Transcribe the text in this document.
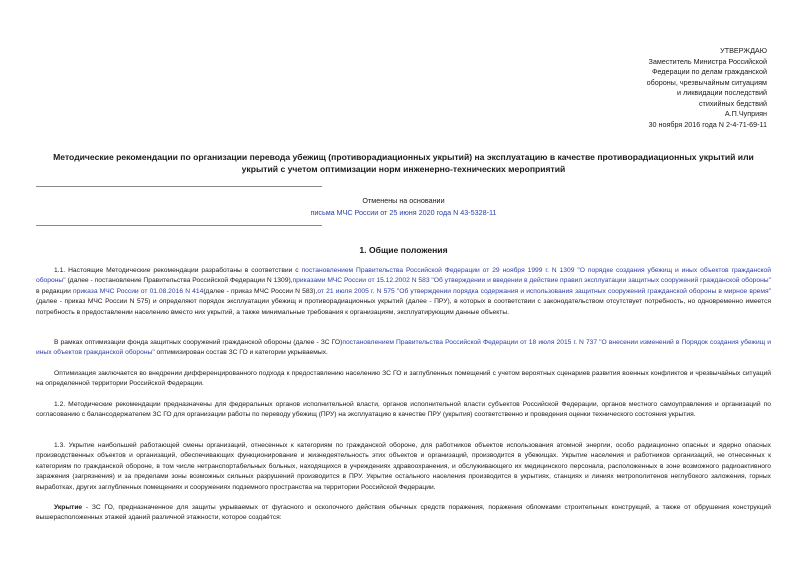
УТВЕРЖДАЮ
Заместитель Министра Российской
Федерации по делам гражданской
обороны, чрезвычайным ситуациям
и ликвидации последствий
стихийных бедствий
А.П.Чуприян
30 ноября 2016 года N 2-4-71-69-11
Методические рекомендации по организации перевода убежищ (противорадиационных укрытий) на эксплуатацию в качестве противорадиационных укрытий или укрытий с учетом оптимизации норм инженерно-технических мероприятий
Отменены на основании
письма МЧС России от 25 июня 2020 года N 43-5328-11
1. Общие положения
1.1. Настоящие Методические рекомендации разработаны в соответствии с постановлением Правительства Российской Федерации от 29 ноября 1999 г. N 1309 "О порядке создания убежищ и иных объектов гражданской обороны" (далее - постановление Правительства Российской Федерации N 1309),приказами МЧС России от 15.12.2002 N 583 "Об утверждении и введении в действие правил эксплуатации защитных сооружений гражданской обороны" в редакции приказа МЧС России от 01.08.2016 N 414(далее - приказ МЧС России N 583),от 21 июля 2005 г. N 575 "Об утверждении порядка содержания и использования защитных сооружений гражданской обороны в мирное время" (далее - приказ МЧС России N 575) и определяют порядок эксплуатации убежищ и противорадиационных укрытий (далее - ПРУ), в которых в соответствии с законодательством отсутствует потребность, но одновременно имеется потребность в предоставлении населению вместо них укрытий, а также минимальные требования к организациям, эксплуатирующим данные объекты.
В рамках оптимизации фонда защитных сооружений гражданской обороны (далее - ЗС ГО)постановлением Правительства Российской Федерации от 18 июля 2015 г. N 737 "О внесении изменений в Порядок создания убежищ и иных объектов гражданской обороны" оптимизирован состав ЗС ГО и категории укрываемых.
Оптимизация заключается во внедрении дифференцированного подхода к предоставлению населению ЗС ГО и заглубленных помещений с учетом вероятных сценариев развития военных конфликтов и чрезвычайных ситуаций на определенной территории Российской Федерации.
1.2. Методические рекомендации предназначены для федеральных органов исполнительной власти, органов исполнительной власти субъектов Российской Федерации, органов местного самоуправления и организаций по согласованию с балансодержателем ЗС ГО для организации работы по переводу убежищ (ПРУ) на эксплуатацию в качестве ПРУ (укрытия) соответственно и проведения оценки технического состояния укрытия.
1.3. Укрытие наибольшей работающей смены организаций, отнесенных к категориям по гражданской обороне, для работников объектов использования атомной энергии, особо радиационно опасных и ядерно опасных производственных объектов и организаций, обеспечивающих функционирование и жизнедеятельность этих объектов и организаций, производится в убежищах. Укрытие населения и работников организаций, не отнесенных к категориям по гражданской обороне, в том числе нетранспортабельных больных, находящихся в учреждениях здравоохранения, и обслуживающего их медицинского персонала, расположенных в зоне возможного радиоактивного заражения (загрязнения) и за пределами зоны возможных сильных разрушений производится в ПРУ. Укрытие остального населения производится в укрытиях, станциях и линиях метрополитенов неглубокого заложения, горных выработках, других заглубленных помещениях и сооружениях подземного пространства на территории Российской Федерации.
Укрытие - ЗС ГО, предназначенное для защиты укрываемых от фугасного и осколочного действия обычных средств поражения, поражения обломками строительных конструкций, а также от обрушения конструкций вышерасположенных этажей зданий различной этажности, которое создаётся:
